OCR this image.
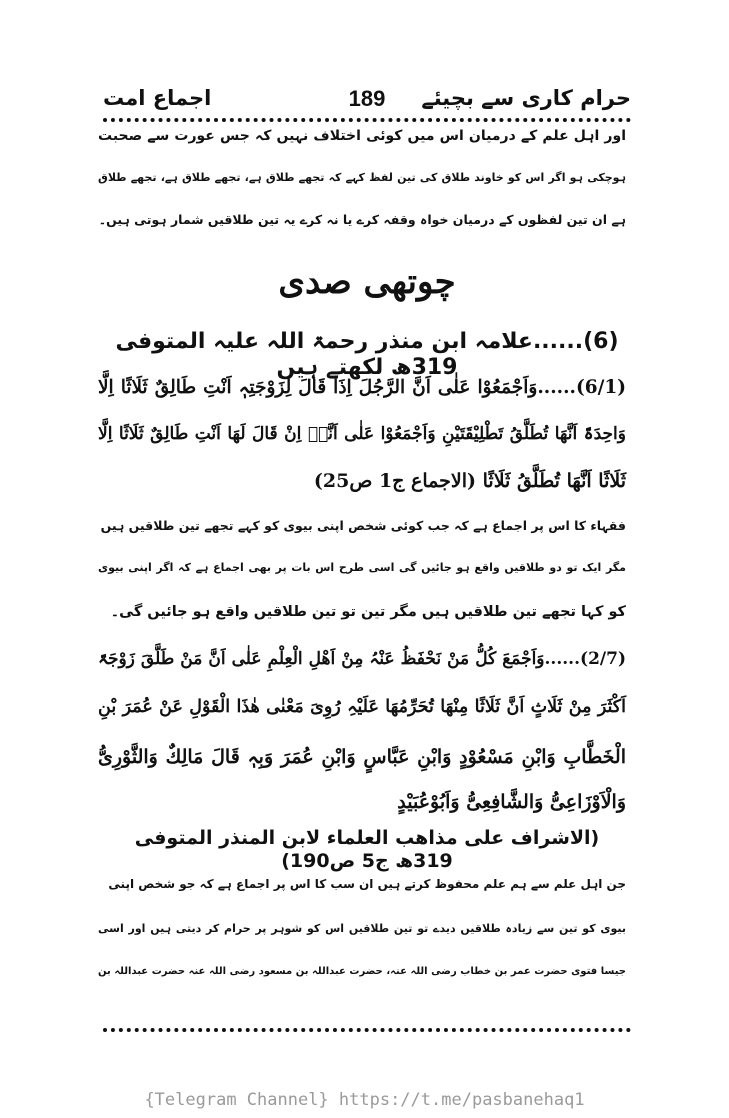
حرام کاری سے بچیئے
189
اجماع امت
اور اہل علم کے درمیان اس میں کوئی اختلاف نہیں کہ جس عورت سے صحبت
ہوچکی ہو اگر اس کو خاوند طلاق کی تین لفظ کہے کہ تجھے طلاق ہے، تجھے طلاق ہے، تجھے طلاق
ہے ان تین لفظوں کے درمیان خواہ وقفہ کرے یا نہ کرے یہ تین طلاقیں شمار ہوتی ہیں۔
چوتھی صدی
(6)......علامہ ابن منذر رحمۃ اللہ علیہ المتوفی 319ھ لکھتے ہیں
(6/1)......وَاَجْمَعُوْا عَلٰی اَنَّ الرَّجُلَ اِذَا قَالَ لِزَوْجَتِہٖ اَنْتِ طَالِقٌ ثَلَاثًا اِلَّا
وَاحِدَۃً اَنَّھَا تُطَلَّقُ تَطْلِیْقَتَیْنِ وَاَجْمَعُوْا عَلٰی اَنَّہٗ اِنْ قَالَ لَھَا اَنْتِ طَالِقٌ ثَلَاثًا اِلَّا
ثَلَاثًا اَنَّھَا تُطَلَّقُ ثَلَاثًا (الاجماع ج1 ص25)
فقہاء کا اس پر اجماع ہے کہ جب کوئی شخص اپنی بیوی کو کہے تجھے تین طلاقیں ہیں
مگر ایک تو دو طلاقیں واقع ہو جائیں گی اسی طرح اس بات پر بھی اجماع ہے کہ اگر اپنی بیوی
کو کہا تجھے تین طلاقیں ہیں مگر تین تو تین طلاقیں واقع ہو جائیں گی۔
(2/7)......وَاَجْمَعَ کُلُّ مَنْ نَحْفَظُ عَنْہُ مِنْ اَھْلِ الْعِلْمِ عَلٰی اَنَّ مَنْ طَلَّقَ زَوْجَۃً
اَکْثَرَ مِنْ ثَلَاثٍ اَنَّ ثَلَاثًا مِنْھَا تُحَرِّمُھَا عَلَیْہِ رُوِیَ مَعْنٰی ھٰذَا الْقَوْلِ عَنْ عُمَرَ بْنِ
الْخَطَّابِ وَابْنِ مَسْعُوْدٍ وَابْنِ عَبَّاسٍ وَابْنِ عُمَرَ وَبِہٖ قَالَ مَالِكٌ وَالثَّوْرِیُّ
وَالْاَوْزَاعِیُّ وَالشَّافِعِیُّ وَاَبُوْعُبَیْدٍ
(الاشراف علی مذاھب العلماء لابن المنذر المتوفی 319ھ ج5 ص190)
جن اہل علم سے ہم علم محفوظ کرتے ہیں ان سب کا اس پر اجماع ہے کہ جو شخص اپنی
بیوی کو تین سے زیادہ طلاقیں دیدے تو تین طلاقیں اس کو شوہر پر حرام کر دیتی ہیں اور اسی
جیسا فتوی حضرت عمر بن خطاب رضی اللہ عنہ، حضرت عبداللہ بن مسعود رضی اللہ عنہ حضرت عبداللہ بن
{Telegram Channel} https://t.me/pasbanehaq1
